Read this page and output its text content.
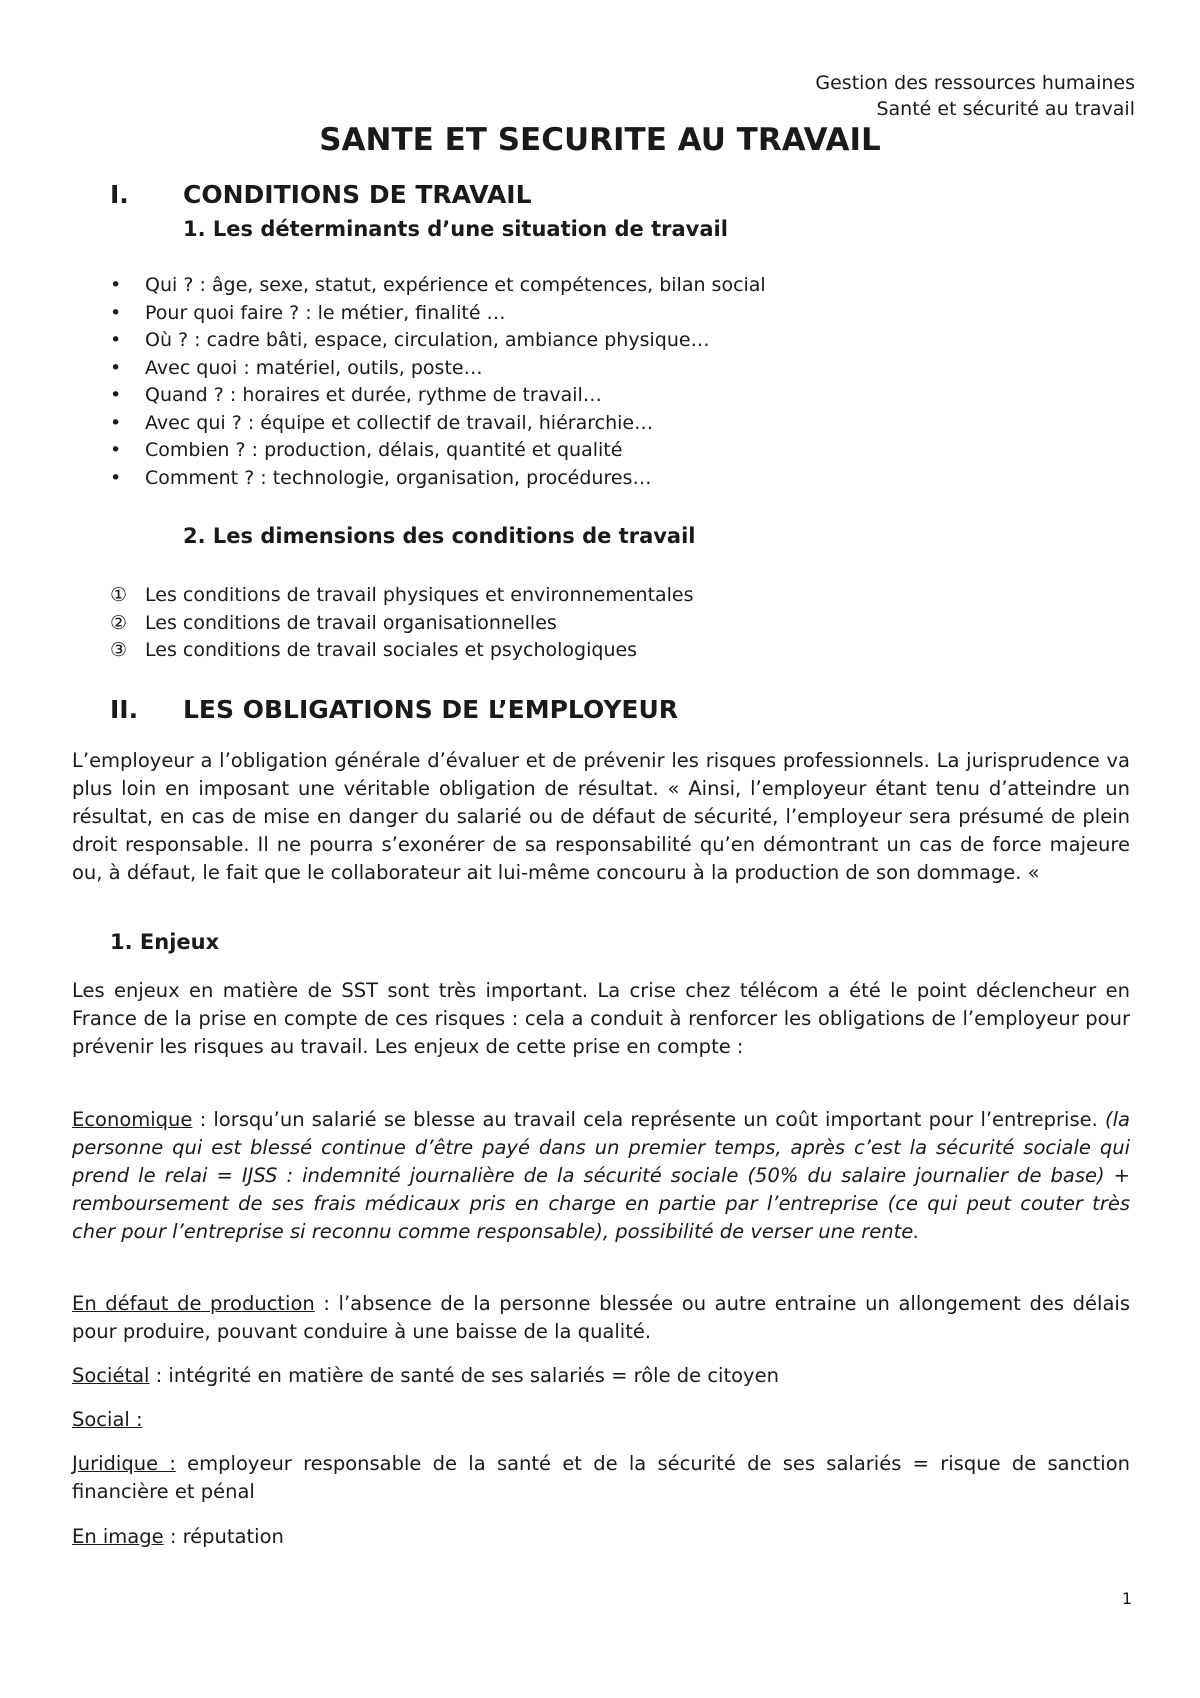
Gestion des ressources humaines
Santé et sécurité au travail
SANTE ET SECURITE AU TRAVAIL
I. CONDITIONS DE TRAVAIL
1. Les déterminants d’une situation de travail
• Qui ? : âge, sexe, statut, expérience et compétences, bilan social
• Pour quoi faire ? : le métier, finalité …
• Où ? : cadre bâti, espace, circulation, ambiance physique…
• Avec quoi : matériel, outils, poste…
• Quand ? : horaires et durée, rythme de travail…
• Avec qui ? : équipe et collectif de travail, hiérarchie…
• Combien ? : production, délais, quantité et qualité
• Comment ? : technologie, organisation, procédures…
2. Les dimensions des conditions de travail
① Les conditions de travail physiques et environnementales
② Les conditions de travail organisationnelles
③ Les conditions de travail sociales et psychologiques
II. LES OBLIGATIONS DE L’EMPLOYEUR

L’employeur a l’obligation générale d’évaluer et de prévenir les risques professionnels. La jurisprudence va plus loin en imposant une véritable obligation de résultat. « Ainsi, l’employeur étant tenu d’atteindre un résultat, en cas de mise en danger du salarié ou de défaut de sécurité, l’employeur sera présumé de plein droit responsable. Il ne pourra s’exonérer de sa responsabilité qu’en démontrant un cas de force majeure ou, à défaut, le fait que le collaborateur ait lui-même concouru à la production de son dommage. «

1. Enjeux

Les enjeux en matière de SST sont très important. La crise chez télécom a été le point déclencheur en France de la prise en compte de ces risques : cela a conduit à renforcer les obligations de l’employeur pour prévenir les risques au travail. Les enjeux de cette prise en compte :

Economique : lorsqu’un salarié se blesse au travail cela représente un coût important pour l’entreprise. (la personne qui est blessé continue d’être payé dans un premier temps, après c’est la sécurité sociale qui prend le relai = IJSS : indemnité journalière de la sécurité sociale (50% du salaire journalier de base) + remboursement de ses frais médicaux pris en charge en partie par l’entreprise (ce qui peut couter très cher pour l’entreprise si reconnu comme responsable), possibilité de verser une rente.

En défaut de production : l’absence de la personne blessée ou autre entraine un allongement des délais pour produire, pouvant conduire à une baisse de la qualité.

Sociétal : intégrité en matière de santé de ses salariés = rôle de citoyen

Social :

Juridique : employeur responsable de la santé et de la sécurité de ses salariés = risque de sanction financière et pénal

En image : réputation

1
